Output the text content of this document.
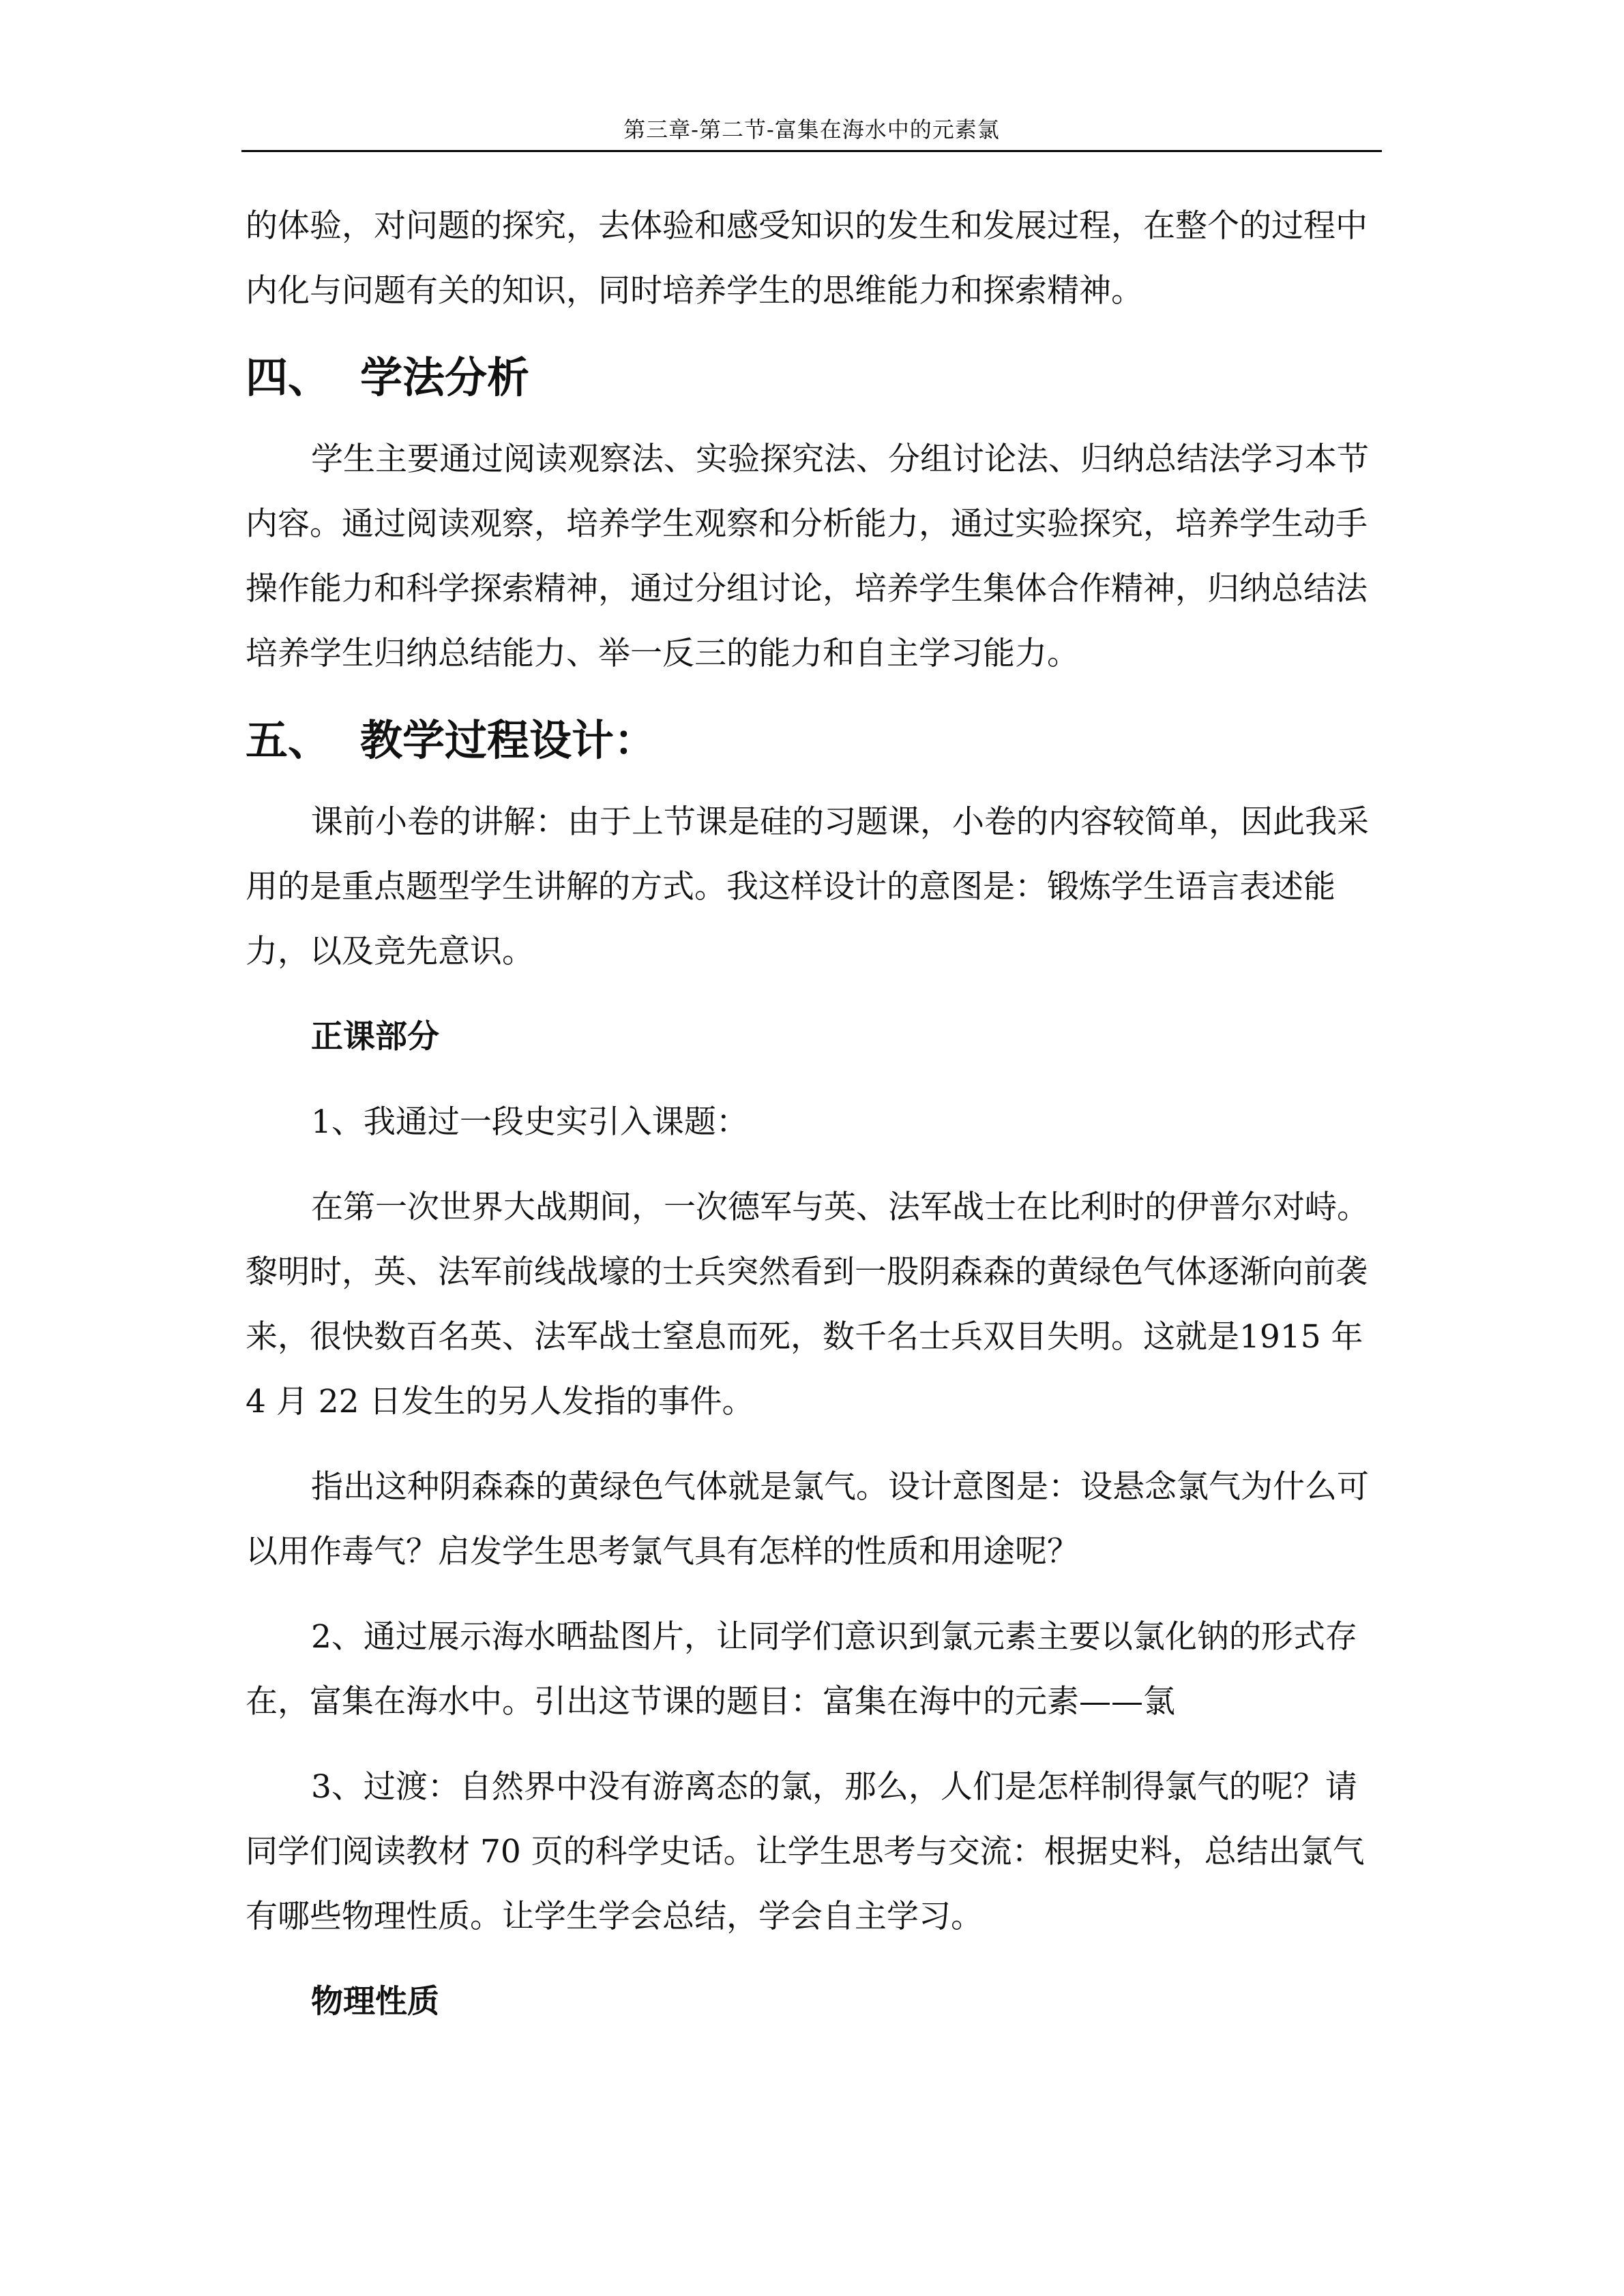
第三章-第二节-富集在海水中的元素氯

的体验，对问题的探究，去体验和感受知识的发生和发展过程，在整个的过程中内化与问题有关的知识，同时培养学生的思维能力和探索精神。

四、 学法分析

学生主要通过阅读观察法、实验探究法、分组讨论法、归纳总结法学习本节内容。通过阅读观察，培养学生观察和分析能力，通过实验探究，培养学生动手操作能力和科学探索精神，通过分组讨论，培养学生集体合作精神，归纳总结法培养学生归纳总结能力、举一反三的能力和自主学习能力。

五、 教学过程设计：

课前小卷的讲解：由于上节课是硅的习题课，小卷的内容较简单，因此我采用的是重点题型学生讲解的方式。我这样设计的意图是：锻炼学生语言表述能力，以及竞先意识。

正课部分

1、我通过一段史实引入课题：

在第一次世界大战期间，一次德军与英、法军战士在比利时的伊普尔对峙。黎明时，英、法军前线战壕的士兵突然看到一股阴森森的黄绿色气体逐渐向前袭来，很快数百名英、法军战士窒息而死，数千名士兵双目失明。这就是1915 年 4 月 22 日发生的另人发指的事件。

指出这种阴森森的黄绿色气体就是氯气。设计意图是：设悬念氯气为什么可以用作毒气？启发学生思考氯气具有怎样的性质和用途呢？

2、通过展示海水晒盐图片，让同学们意识到氯元素主要以氯化钠的形式存在，富集在海水中。引出这节课的题目：富集在海中的元素——氯

3、过渡：自然界中没有游离态的氯，那么，人们是怎样制得氯气的呢？请同学们阅读教材 70 页的科学史话。让学生思考与交流：根据史料，总结出氯气有哪些物理性质。让学生学会总结，学会自主学习。

物理性质
